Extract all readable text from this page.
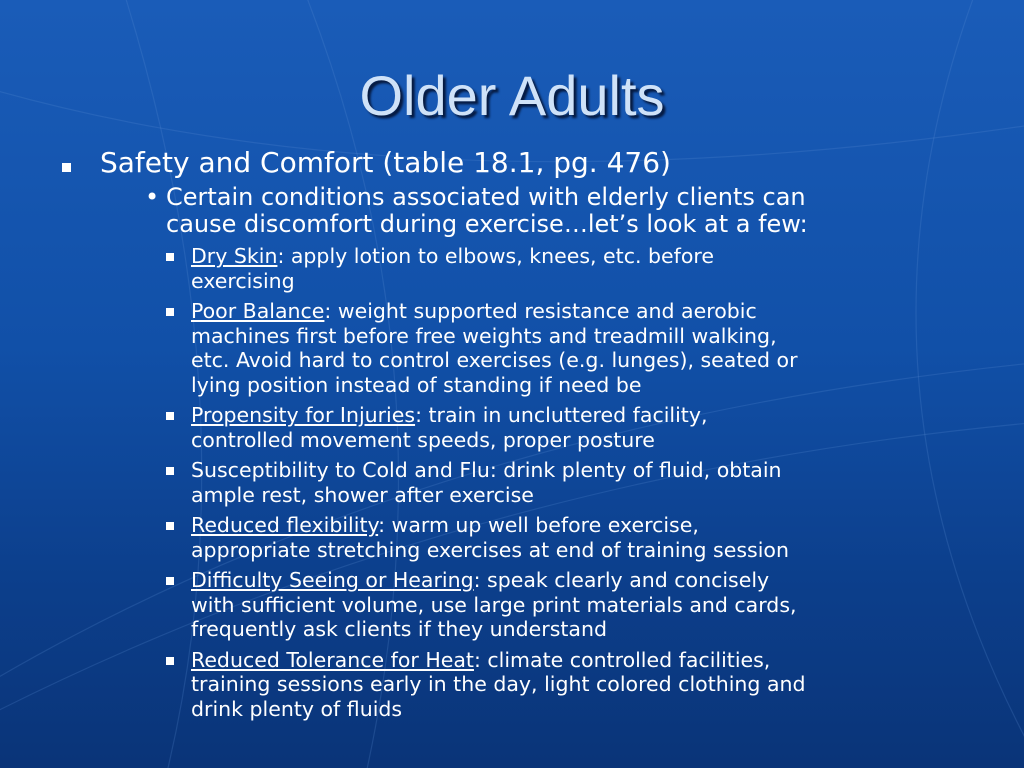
Older Adults
Safety and Comfort (table 18.1, pg. 476)
• Certain conditions associated with elderly clients can
cause discomfort during exercise…let’s look at a few:
Dry Skin: apply lotion to elbows, knees, etc. before
exercising
Poor Balance: weight supported resistance and aerobic
machines first before free weights and treadmill walking,
etc. Avoid hard to control exercises (e.g. lunges), seated or
lying position instead of standing if need be
Propensity for Injuries: train in uncluttered facility,
controlled movement speeds, proper posture
Susceptibility to Cold and Flu: drink plenty of fluid, obtain
ample rest, shower after exercise
Reduced flexibility: warm up well before exercise,
appropriate stretching exercises at end of training session
Difficulty Seeing or Hearing: speak clearly and concisely
with sufficient volume, use large print materials and cards,
frequently ask clients if they understand
Reduced Tolerance for Heat: climate controlled facilities,
training sessions early in the day, light colored clothing and
drink plenty of fluids
